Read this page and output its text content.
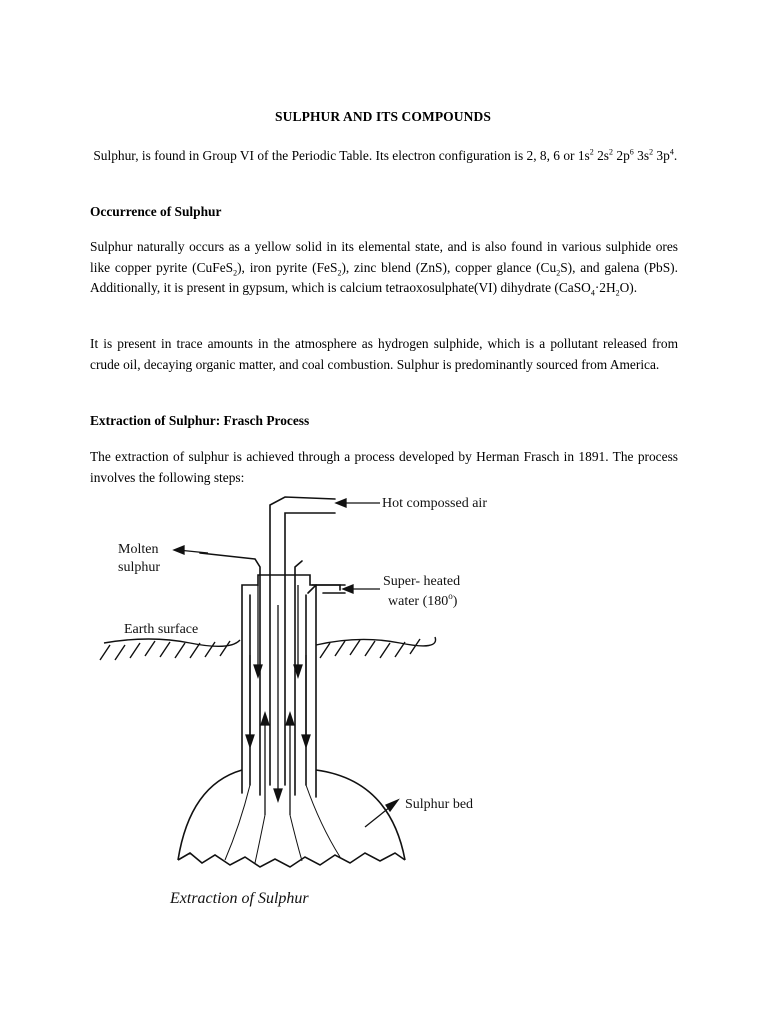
SULPHUR AND ITS COMPOUNDS
Sulphur, is found in Group VI of the Periodic Table. Its electron configuration is 2, 8, 6 or $1s^2$ $2s^2$ $2p^6$ $3s^2$ $3p^4$.
Occurrence of Sulphur
Sulphur naturally occurs as a yellow solid in its elemental state, and is also found in various sulphide ores like copper pyrite (CuFeS$_2$), iron pyrite (FeS$_2$), zinc blend (ZnS), copper glance $(Cu_2S)$, and galena (PbS). Additionally, it is present in gypsum, which is calcium tetraoxosulphate(VI) dihydrate $(CaSO_4\cdot 2H_2O)$.
It is present in trace amounts in the atmosphere as hydrogen sulphide, which is a pollutant released from crude oil, decaying organic matter, and coal combustion. Sulphur is predominantly sourced from America.
Extraction of Sulphur: Frasch Process
The extraction of sulphur is achieved through a process developed by Herman Frasch in 1891. The process involves the following steps:
Hot compossed air
Molten
sulphur
Super- heated
water (180$^o$)
Earth surface
Sulphur bed
Extraction of Sulphur
